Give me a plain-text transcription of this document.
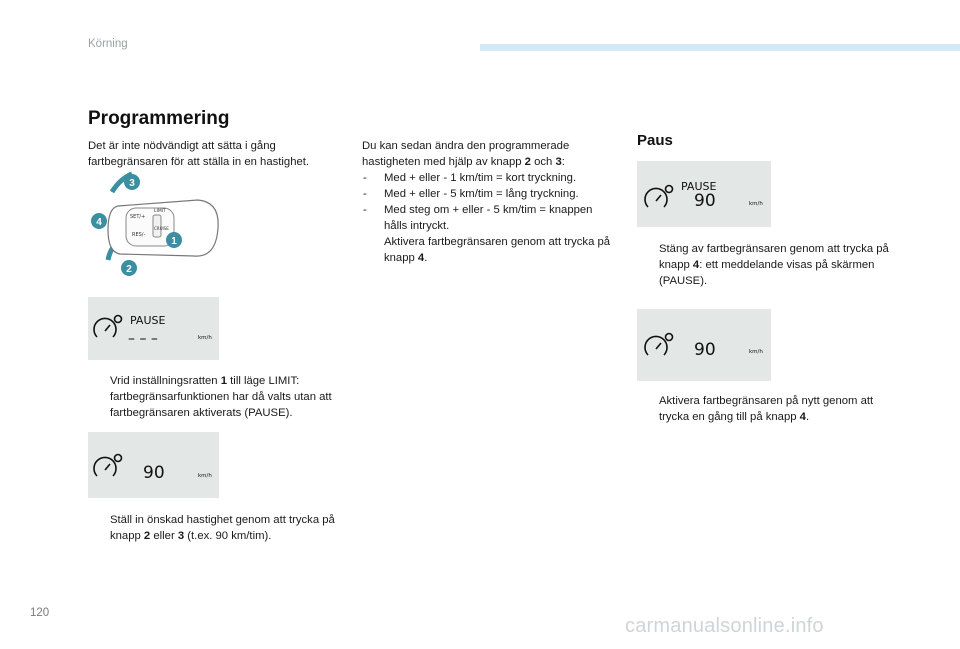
Körning
Programmering
Det är inte nödvändigt att sätta i gång fartbegränsaren för att ställa in en hastighet.
SET/+
RES/-
LIMIT
CRUISE
3
4
1
2
PAUSE
– – –	km/h
Vrid inställningsratten 1 till läge LIMIT: fartbegränsarfunktionen har då valts utan att fartbegränsaren aktiverats (PAUSE).
90	km/h
Ställ in önskad hastighet genom att trycka på knapp 2 eller 3 (t.ex. 90 km/tim).
Du kan sedan ändra den programmerade hastigheten med hjälp av knapp 2 och 3:
- Med + eller - 1 km/tim = kort tryckning.
- Med + eller - 5 km/tim = lång tryckning.
- Med steg om + eller - 5 km/tim = knappen hålls intryckt.
Aktivera fartbegränsaren genom att trycka på knapp 4.
Paus
PAUSE
90	km/h
Stäng av fartbegränsaren genom att trycka på knapp 4: ett meddelande visas på skärmen (PAUSE).
90	km/h
Aktivera fartbegränsaren på nytt genom att trycka en gång till på knapp 4.
120
carmanualsonline.info
